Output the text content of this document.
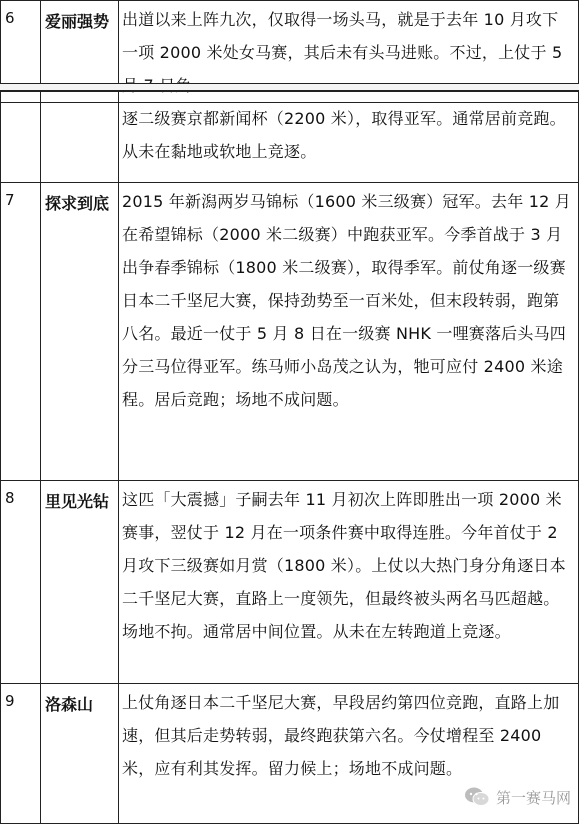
6	爱丽强势	出道以来上阵九次，仅取得一场头马，就是于去年 10 月攻下一项 2000 米处女马赛，其后未有头马进账。不过，上仗于 5
		逐二级赛京都新闻杯（2200 米），取得亚军。通常居前竞跑。从未在黏地或软地上竞逐。
7	探求到底	2015 年新潟两岁马锦标（1600 米三级赛）冠军。去年 12 月在希望锦标（2000 米二级赛）中跑获亚军。今季首战于 3 月出争春季锦标（1800 米二级赛），取得季军。前仗角逐一级赛日本二千坚尼大赛，保持劲势至一百米处，但末段转弱，跑第八名。最近一仗于 5 月 8 日在一级赛 NHK 一哩赛落后头马四分三马位得亚军。练马师小岛茂之认为，牠可应付 2400 米途程。居后竞跑；场地不成问题。
8	里见光钻	这匹「大震撼」子嗣去年 11 月初次上阵即胜出一项 2000 米赛事，翌仗于 12 月在一项条件赛中取得连胜。今年首仗于 2 月攻下三级赛如月赏（1800 米）。上仗以大热门身分角逐日本二千坚尼大赛，直路上一度领先，但最终被头两名马匹超越。场地不拘。通常居中间位置。从未在左转跑道上竞逐。
9	洛森山	上仗角逐日本二千坚尼大赛，早段居约第四位竞跑，直路上加速，但其后走势转弱，最终跑获第六名。今仗增程至 2400 米，应有利其发挥。留力候上；场地不成问题。
第一赛马网
